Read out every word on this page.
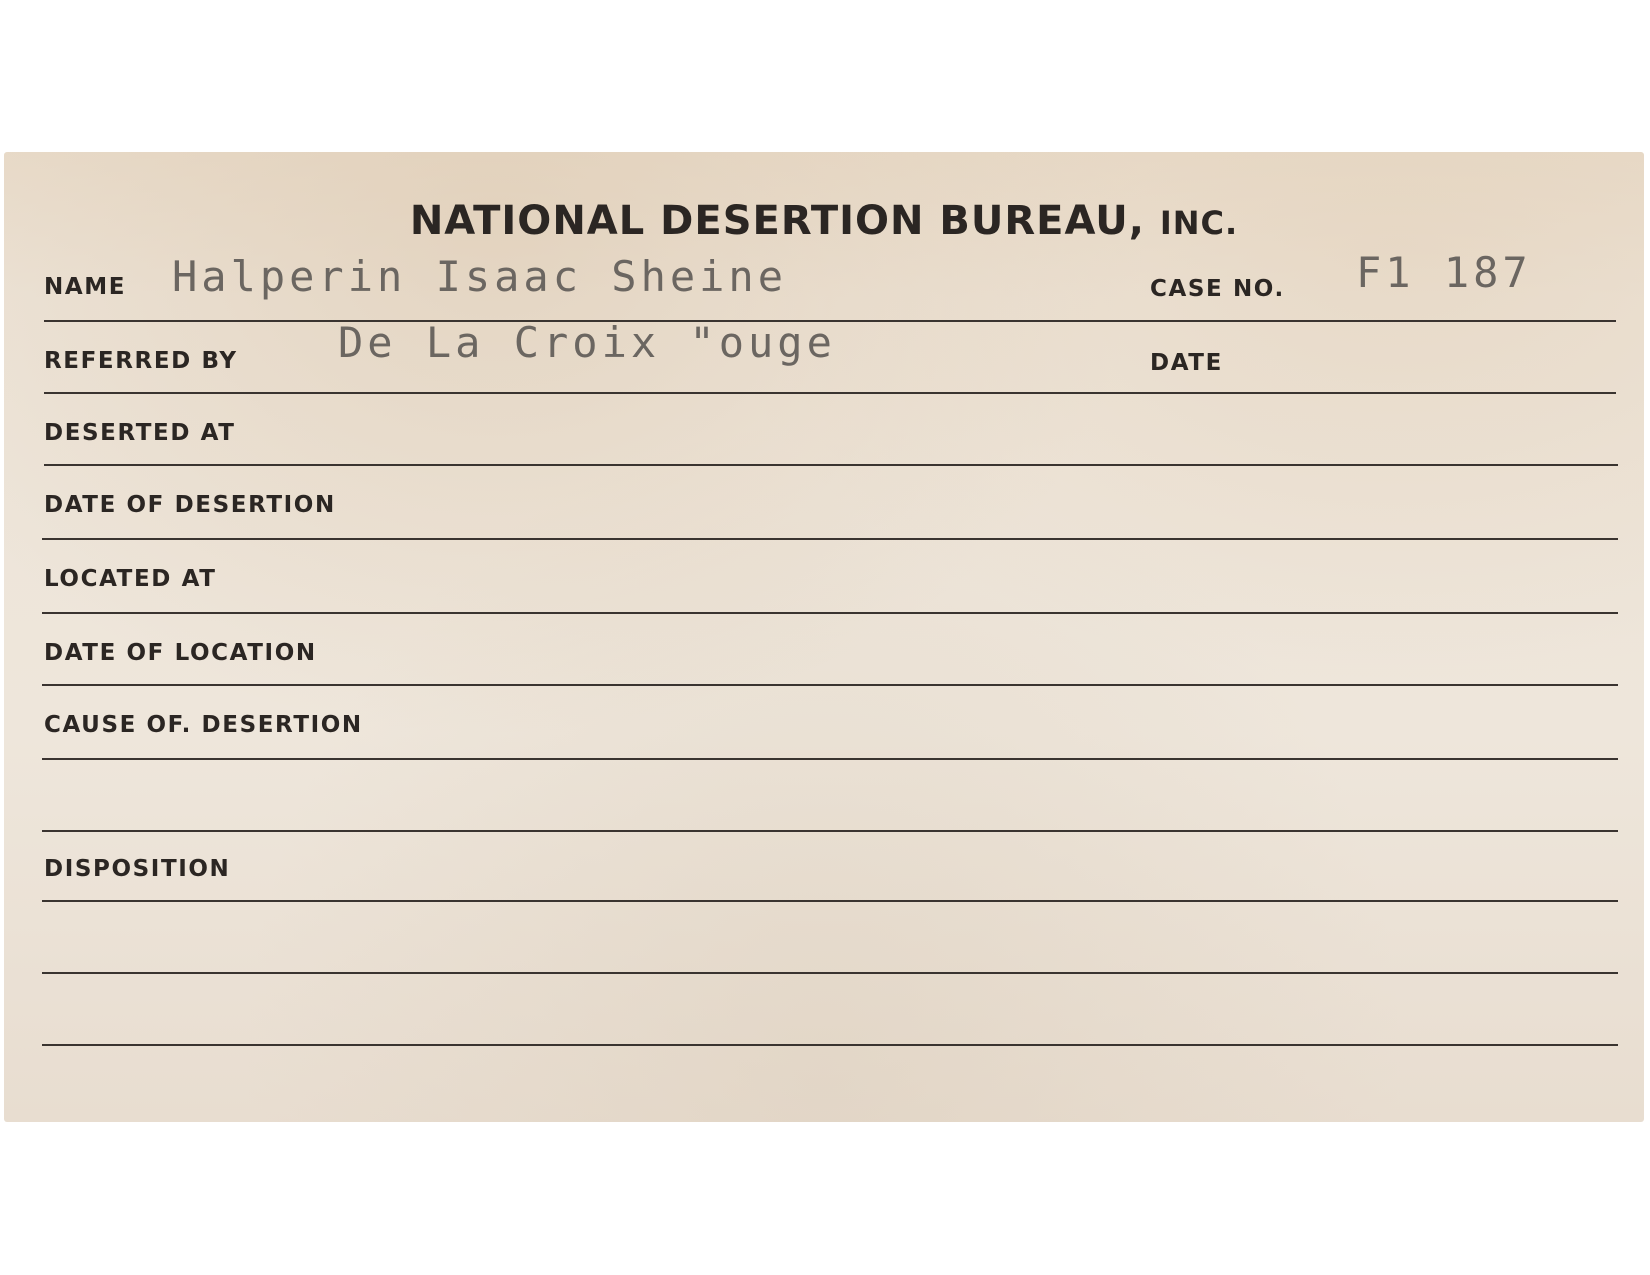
NATIONAL DESERTION BUREAU, INC.
NAME Halperin Isaac Sheine	CASE NO. F1 187
REFERRED BY De La Croix "ouge	DATE
DESERTED AT
DATE OF DESERTION
LOCATED AT
DATE OF LOCATION
CAUSE OF. DESERTION
DISPOSITION
